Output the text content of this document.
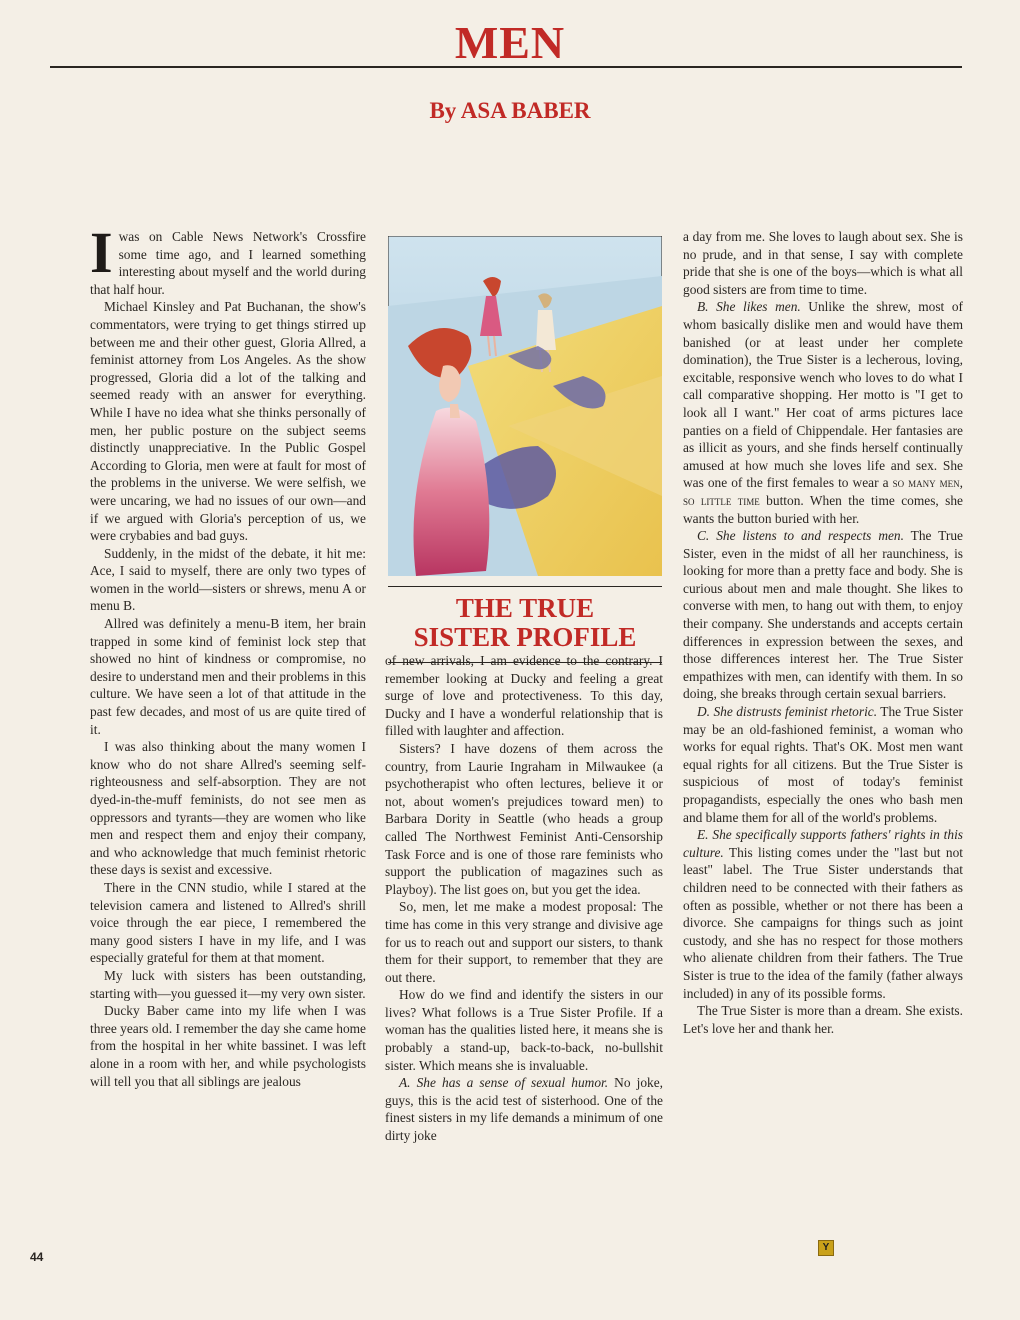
MEN
By ASA BABER

I was on Cable News Network's Crossfire some time ago, and I learned something interesting about myself and the world during that half hour.

Michael Kinsley and Pat Buchanan, the show's commentators, were trying to get things stirred up between me and their other guest, Gloria Allred, a feminist attorney from Los Angeles. As the show progressed, Gloria did a lot of the talking and seemed ready with an answer for everything. While I have no idea what she thinks personally of men, her public posture on the subject seems distinctly unappreciative. In the Public Gospel According to Gloria, men were at fault for most of the problems in the universe. We were selfish, we were uncaring, we had no issues of our own—and if we argued with Gloria's perception of us, we were crybabies and bad guys.

Suddenly, in the midst of the debate, it hit me: Ace, I said to myself, there are only two types of women in the world—sisters or shrews, menu A or menu B.

Allred was definitely a menu-B item, her brain trapped in some kind of feminist lock step that showed no hint of kindness or compromise, no desire to understand men and their problems in this culture. We have seen a lot of that attitude in the past few decades, and most of us are quite tired of it.

I was also thinking about the many women I know who do not share Allred's seeming self-righteousness and self-absorption. They are not dyed-in-the-muff feminists, do not see men as oppressors and tyrants—they are women who like men and respect them and enjoy their company, and who acknowledge that much feminist rhetoric these days is sexist and excessive.

There in the CNN studio, while I stared at the television camera and listened to Allred's shrill voice through the ear piece, I remembered the many good sisters I have in my life, and I was especially grateful for them at that moment.

My luck with sisters has been outstanding, starting with—you guessed it—my very own sister.

Ducky Baber came into my life when I was three years old. I remember the day she came home from the hospital in her white bassinet. I was left alone in a room with her, and while psychologists will tell you that all siblings are jealous

THE TRUE
SISTER PROFILE

of new arrivals, I am evidence to the contrary. I remember looking at Ducky and feeling a great surge of love and protectiveness. To this day, Ducky and I have a wonderful relationship that is filled with laughter and affection.

Sisters? I have dozens of them across the country, from Laurie Ingraham in Milwaukee (a psychotherapist who often lectures, believe it or not, about women's prejudices toward men) to Barbara Dority in Seattle (who heads a group called The Northwest Feminist Anti-Censorship Task Force and is one of those rare feminists who support the publication of magazines such as Playboy). The list goes on, but you get the idea.

So, men, let me make a modest proposal: The time has come in this very strange and divisive age for us to reach out and support our sisters, to thank them for their support, to remember that they are out there.

How do we find and identify the sisters in our lives? What follows is a True Sister Profile. If a woman has the qualities listed here, it means she is probably a stand-up, back-to-back, no-bullshit sister. Which means she is invaluable.

A. She has a sense of sexual humor. No joke, guys, this is the acid test of sisterhood. One of the finest sisters in my life demands a minimum of one dirty joke

a day from me. She loves to laugh about sex. She is no prude, and in that sense, I say with complete pride that she is one of the boys—which is what all good sisters are from time to time.

B. She likes men. Unlike the shrew, most of whom basically dislike men and would have them banished (or at least under her complete domination), the True Sister is a lecherous, loving, excitable, responsive wench who loves to do what I call comparative shopping. Her motto is "I get to look all I want." Her coat of arms pictures lace panties on a field of Chippendale. Her fantasies are as illicit as yours, and she finds herself continually amused at how much she loves life and sex. She was one of the first females to wear a so many men, so little time button. When the time comes, she wants the button buried with her.

C. She listens to and respects men. The True Sister, even in the midst of all her raunchiness, is looking for more than a pretty face and body. She is curious about men and male thought. She likes to converse with men, to hang out with them, to enjoy their company. She understands and accepts certain differences in expression between the sexes, and those differences interest her. The True Sister empathizes with men, can identify with them. In so doing, she breaks through certain sexual barriers.

D. She distrusts feminist rhetoric. The True Sister may be an old-fashioned feminist, a woman who works for equal rights. That's OK. Most men want equal rights for all citizens. But the True Sister is suspicious of most of today's feminist propagandists, especially the ones who bash men and blame them for all of the world's problems.

E. She specifically supports fathers' rights in this culture. This listing comes under the "last but not least" label. The True Sister understands that children need to be connected with their fathers as often as possible, whether or not there has been a divorce. She campaigns for things such as joint custody, and she has no respect for those mothers who alienate children from their fathers. The True Sister is true to the idea of the family (father always included) in any of its possible forms.

The True Sister is more than a dream. She exists. Let's love her and thank her.

Y
44
